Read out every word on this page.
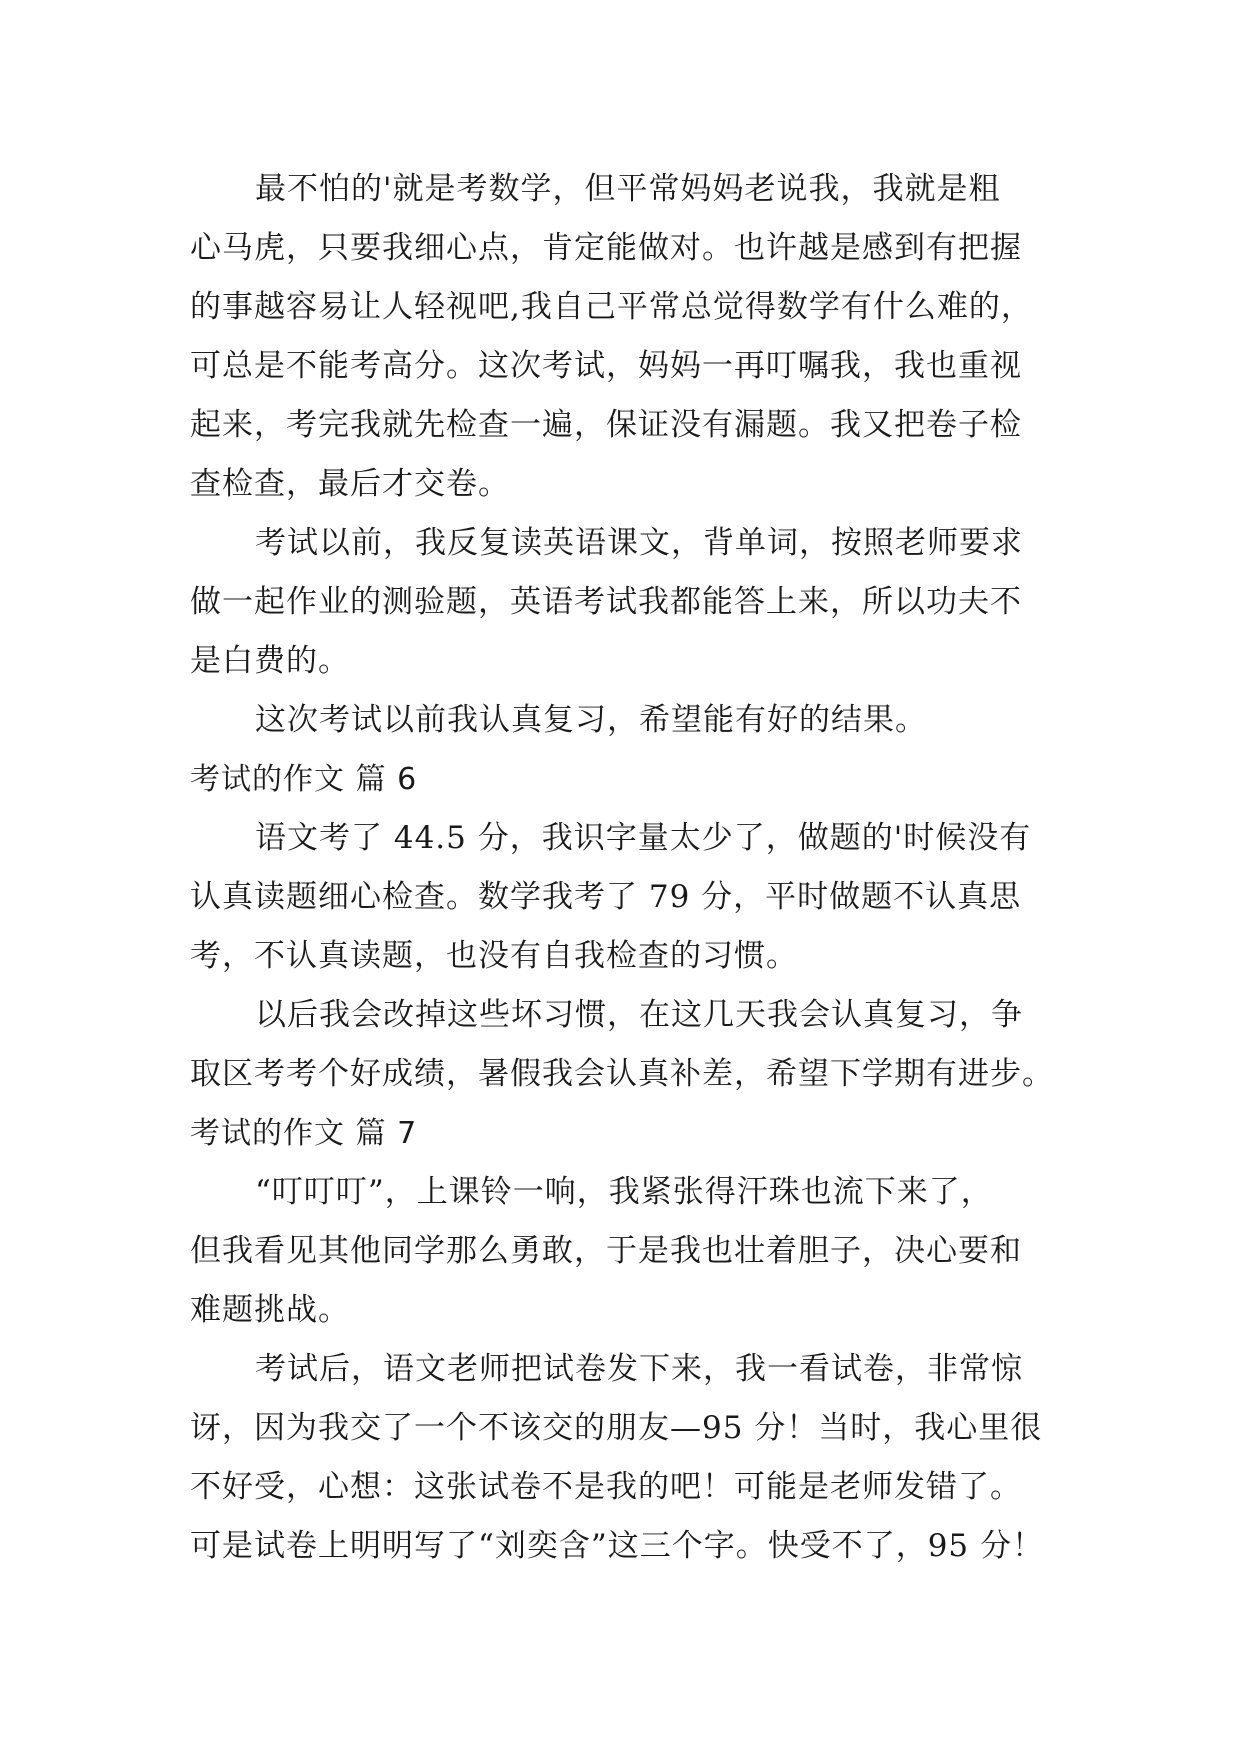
最不怕的'就是考数学，但平常妈妈老说我，我就是粗
心马虎，只要我细心点，肯定能做对。也许越是感到有把握
的事越容易让人轻视吧,我自己平常总觉得数学有什么难的，
可总是不能考高分。这次考试，妈妈一再叮嘱我，我也重视
起来，考完我就先检查一遍，保证没有漏题。我又把卷子检
查检查，最后才交卷。
考试以前，我反复读英语课文，背单词，按照老师要求
做一起作业的测验题，英语考试我都能答上来，所以功夫不
是白费的。
这次考试以前我认真复习，希望能有好的结果。
考试的作文 篇 6
语文考了 44.5 分，我识字量太少了，做题的'时候没有
认真读题细心检查。数学我考了 79 分，平时做题不认真思
考，不认真读题，也没有自我检查的习惯。
以后我会改掉这些坏习惯，在这几天我会认真复习，争
取区考考个好成绩，暑假我会认真补差，希望下学期有进步。
考试的作文 篇 7
“叮叮叮”，上课铃一响，我紧张得汗珠也流下来了，
但我看见其他同学那么勇敢，于是我也壮着胆子，决心要和
难题挑战。
考试后，语文老师把试卷发下来，我一看试卷，非常惊
讶，因为我交了一个不该交的朋友—95 分！当时，我心里很
不好受，心想：这张试卷不是我的吧！可能是老师发错了。
可是试卷上明明写了“刘奕含”这三个字。快受不了，95 分！
